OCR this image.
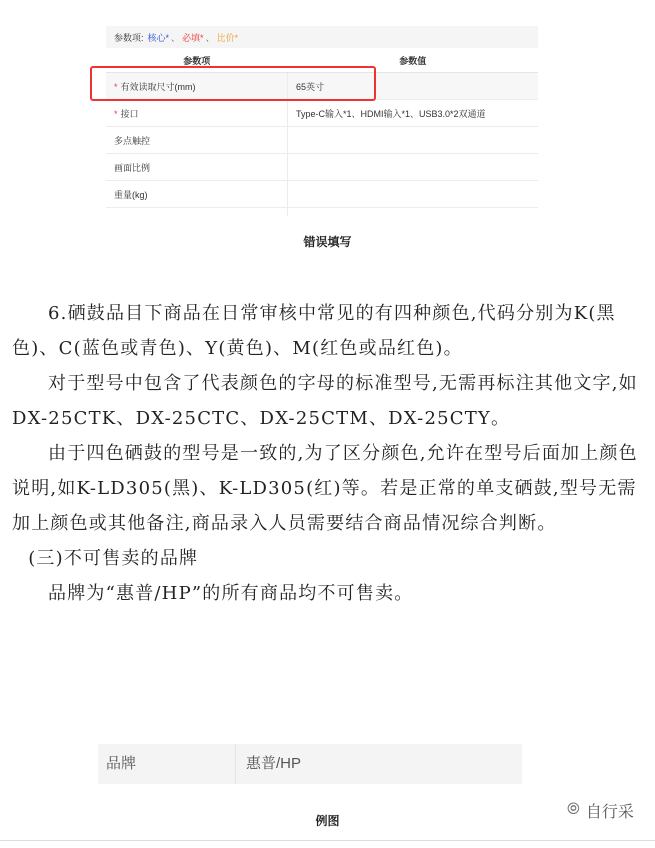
参数项: 核心* 、 必填* 、 比价*
参数项	参数值
* 有效读取尺寸(mm)	65英寸
* 接口	Type-C输入*1、HDMI输入*1、USB3.0*2双通道
多点触控	
画面比例	
重量(kg)	

错误填写

6.硒鼓品目下商品在日常审核中常见的有四种颜色,代码分别为K(黑色)、C(蓝色或青色)、Y(黄色)、M(红色或品红色)。

对于型号中包含了代表颜色的字母的标准型号,无需再标注其他文字,如DX-25CTK、DX-25CTC、DX-25CTM、DX-25CTY。

由于四色硒鼓的型号是一致的,为了区分颜色,允许在型号后面加上颜色说明,如K-LD305(黑)、K-LD305(红)等。若是正常的单支硒鼓,型号无需加上颜色或其他备注,商品录入人员需要结合商品情况综合判断。

(三)不可售卖的品牌

品牌为“惠普/HP”的所有商品均不可售卖。

品牌	惠普/HP
例图
⦾ 自行采
